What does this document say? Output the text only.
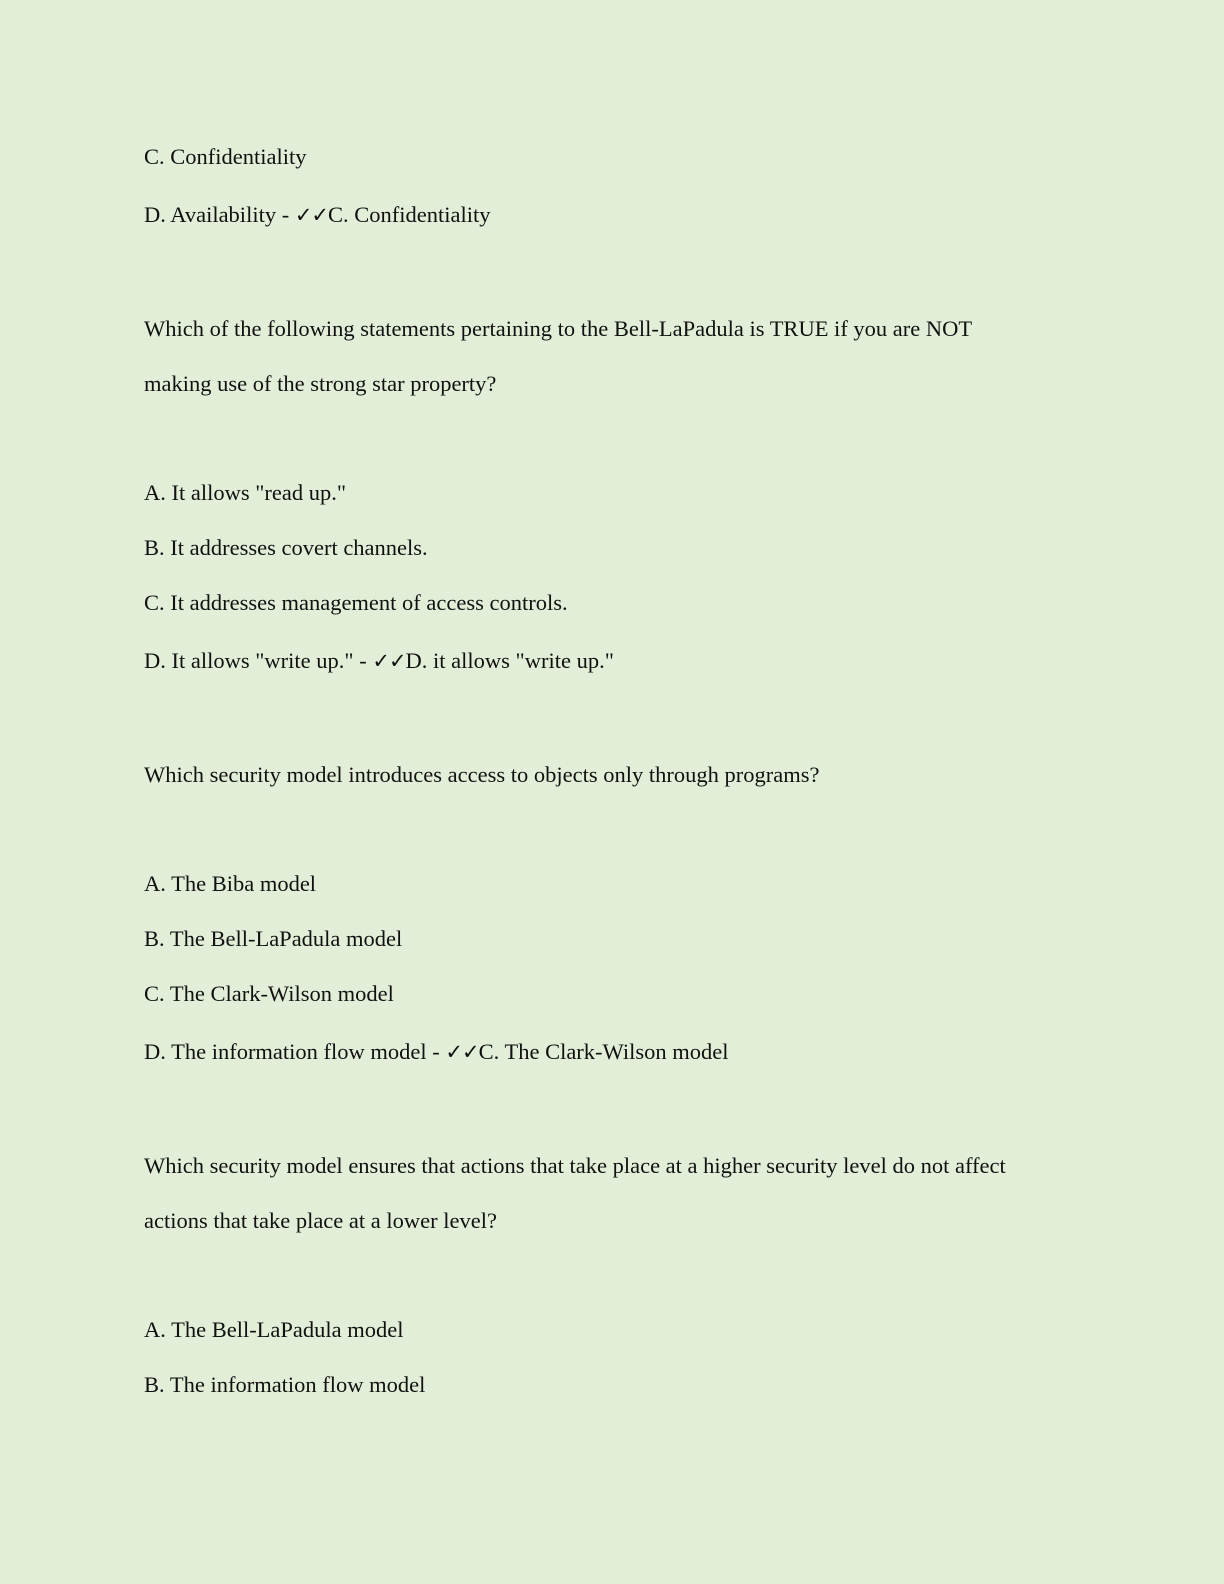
C. Confidentiality
D. Availability - ✓✓C. Confidentiality
Which of the following statements pertaining to the Bell-LaPadula is TRUE if you are NOT
making use of the strong star property?
A. It allows "read up."
B. It addresses covert channels.
C. It addresses management of access controls.
D. It allows "write up." - ✓✓D. it allows "write up."
Which security model introduces access to objects only through programs?
A. The Biba model
B. The Bell-LaPadula model
C. The Clark-Wilson model
D. The information flow model - ✓✓C. The Clark-Wilson model
Which security model ensures that actions that take place at a higher security level do not affect
actions that take place at a lower level?
A. The Bell-LaPadula model
B. The information flow model
